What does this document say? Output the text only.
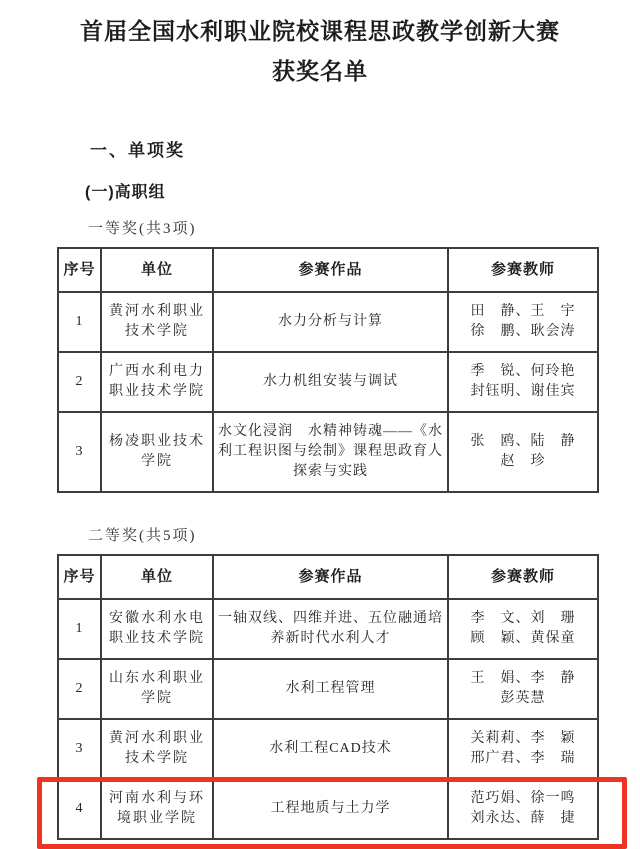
首届全国水利职业院校课程思政教学创新大赛
获奖名单
一、单项奖
(一)高职组
一等奖(共3项)
序号	单位	参赛作品	参赛教师
1	黄河水利职业技术学院	水力分析与计算	田　静、王　宇
徐　鹏、耿会涛

2	广西水利电力职业技术学院	水力机组安装与调试	季　锐、何玲艳
封钰明、谢佳宾

3	杨凌职业技术学院	水文化浸润　水精神铸魂——《水利工程识图与绘制》课程思政育人探索与实践	张　鸥、陆　静
赵　珍
二等奖(共5项)
序号	单位	参赛作品	参赛教师
1	安徽水利水电职业技术学院	一轴双线、四维并进、五位融通培养新时代水利人才	李　文、刘　珊
顾　颖、黄保童

2	山东水利职业学院	水利工程管理	王　娟、李　静
彭英慧

3	黄河水利职业技术学院	水利工程CAD技术	关莉莉、李　颖
邢广君、李　瑞

4	河南水利与环境职业学院	工程地质与土力学	范巧娟、徐一鸣
刘永达、薛　捷
